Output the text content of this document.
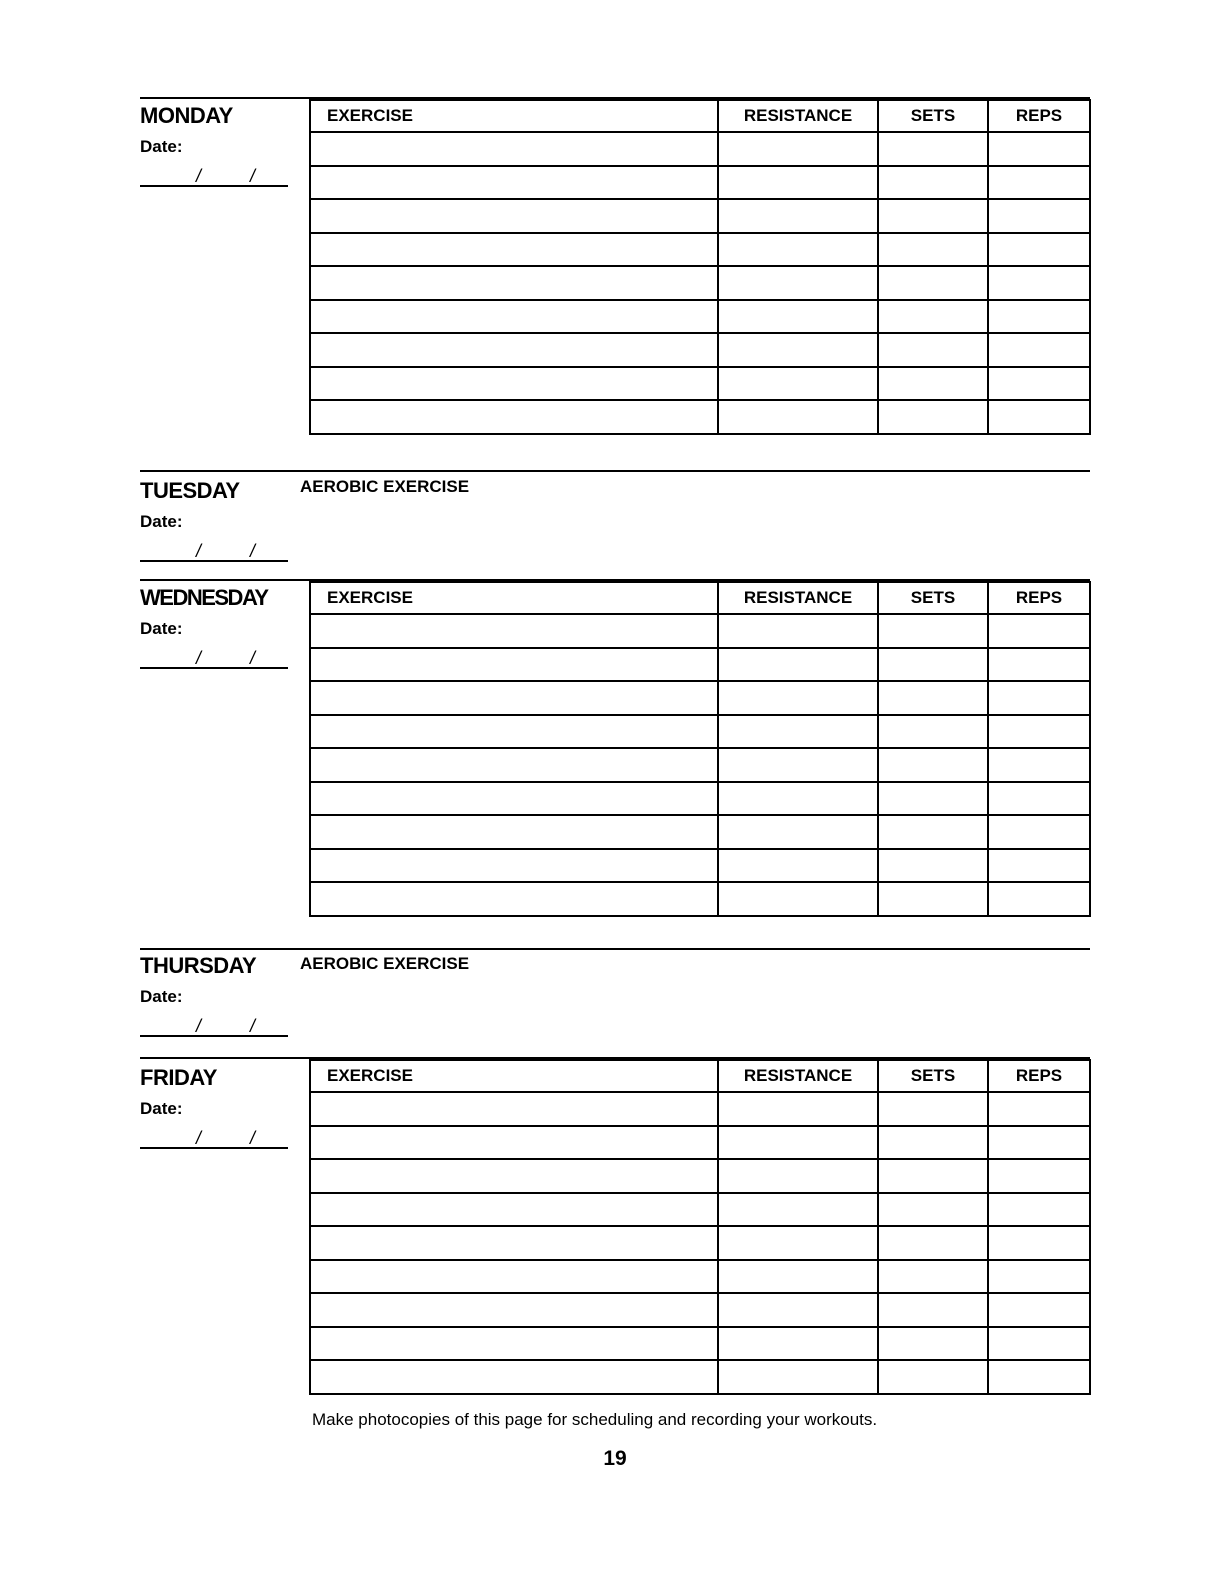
MONDAY
Date:
/	/
EXERCISE	RESISTANCE	SETS	REPS

TUESDAY
Date:
/	/
AEROBIC EXERCISE
WEDNESDAY
Date:
/	/
EXERCISE	RESISTANCE	SETS	REPS

THURSDAY
Date:
/	/
AEROBIC EXERCISE
FRIDAY
Date:
/	/
EXERCISE	RESISTANCE	SETS	REPS

Make photocopies of this page for scheduling and recording your workouts.
19
